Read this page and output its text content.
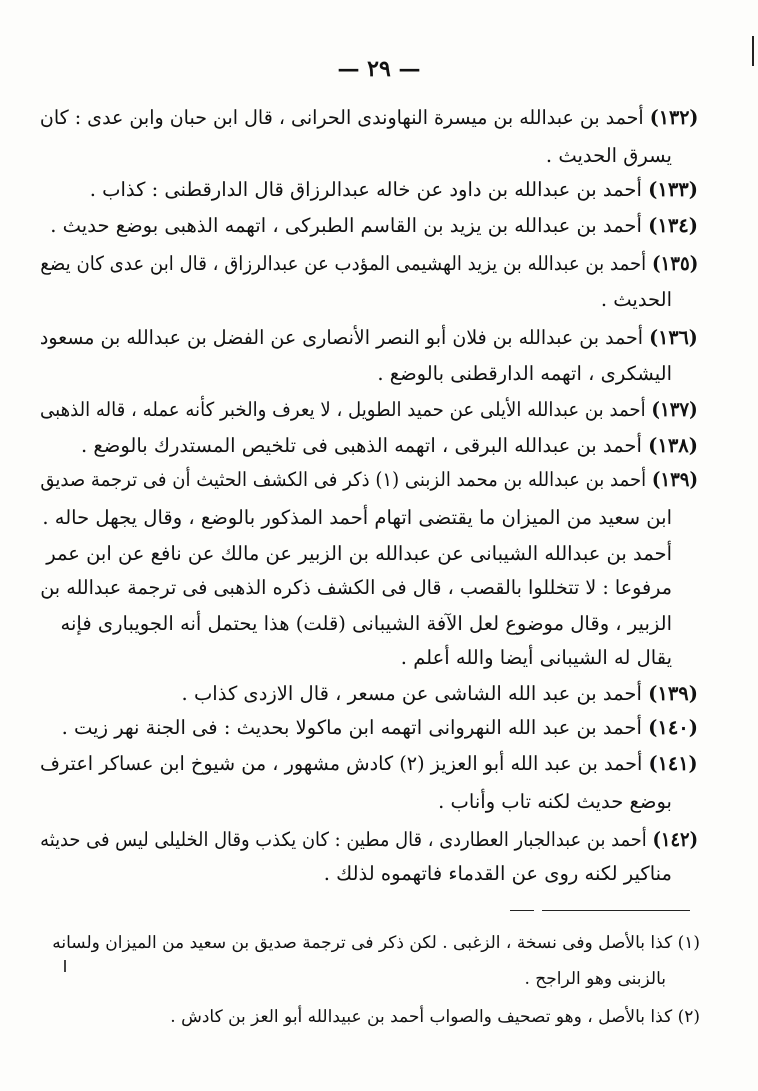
— ٢٩ —
(١٣٢) أحمد بن عبدالله بن ميسرة النهاوندى الحرانى ، قال ابن حبان وابن عدى : كان
يسرق الحديث .
(١٣٣) أحمد بن عبدالله بن داود عن خاله عبدالرزاق قال الدارقطنى : كذاب .
(١٣٤) أحمد بن عبدالله بن يزيد بن القاسم الطبركى ، اتهمه الذهبى بوضع حديث .
(١٣٥) أحمد بن عبدالله بن يزيد الهشيمى المؤدب عن عبدالرزاق ، قال ابن عدى كان يضع
الحديث .
(١٣٦) أحمد بن عبدالله بن فلان أبو النصر الأنصارى عن الفضل بن عبدالله بن مسعود
اليشكرى ، اتهمه الدارقطنى بالوضع .
(١٣٧) أحمد بن عبدالله الأيلى عن حميد الطويل ، لا يعرف والخبر كأنه عمله ، قاله الذهبى
(١٣٨) أحمد بن عبدالله البرقى ، اتهمه الذهبى فى تلخيص المستدرك بالوضع .
(١٣٩) أحمد بن عبدالله بن محمد الزبنى (١) ذكر فى الكشف الحثيث أن فى ترجمة صديق
ابن سعيد من الميزان ما يقتضى اتهام أحمد المذكور بالوضع ، وقال يجهل حاله .
أحمد بن عبدالله الشيبانى عن عبدالله بن الزبير عن مالك عن نافع عن ابن عمر
مرفوعا : لا تتخللوا بالقصب ، قال فى الكشف ذكره الذهبى فى ترجمة عبدالله بن
الزبير ، وقال موضوع لعل الآفة الشيبانى (قلت) هذا يحتمل أنه الجويبارى فإنه
يقال له الشيبانى أيضا والله أعلم .
(١٣٩) أحمد بن عبد الله الشاشى عن مسعر ، قال الازدى كذاب .
(١٤٠) أحمد بن عبد الله النهروانى اتهمه ابن ماكولا بحديث : فى الجنة نهر زيت .
(١٤١) أحمد بن عبد الله أبو العزيز (٢) كادش مشهور ، من شيوخ ابن عساكر اعترف
بوضع حديث لكنه تاب وأناب .
(١٤٢) أحمد بن عبدالجبار العطاردى ، قال مطين : كان يكذب وقال الخليلى ليس فى حديثه
مناكير لكنه روى عن القدماء فاتهموه لذلك .
(١) كذا بالأصل وفى نسخة ، الزغبى . لكن ذكر فى ترجمة صديق بن سعيد من الميزان ولسانه
بالزبنى وهو الراجح .
(٢) كذا بالأصل ، وهو تصحيف والصواب أحمد بن عبيدالله أبو العز بن كادش .
